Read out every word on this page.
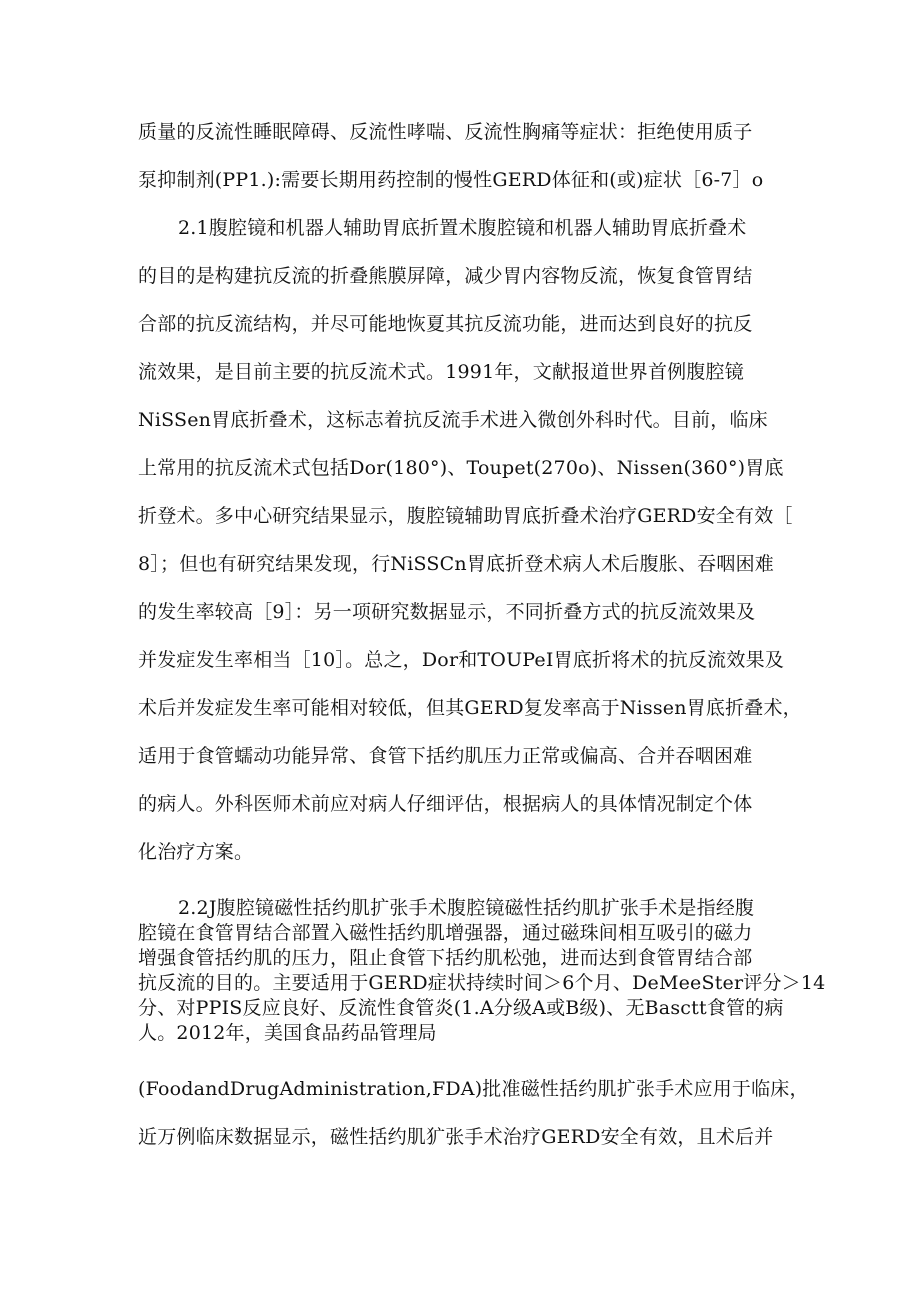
质量的反流性睡眠障碍、反流性哮喘、反流性胸痛等症状：拒绝使用质子
泵抑制剂(PP1.):需要长期用药控制的慢性GERD体征和(或)症状［6-7］o
2.1腹腔镜和机器人辅助胃底折置术腹腔镜和机器人辅助胃底折叠术
的目的是构建抗反流的折叠熊膜屏障，减少胃内容物反流，恢复食管胃结
合部的抗反流结构，并尽可能地恢夏其抗反流功能，进而达到良好的抗反
流效果，是目前主要的抗反流术式。1991年，文献报道世界首例腹腔镜
NiSSen胃底折叠术，这标志着抗反流手术进入微创外科时代。目前，临床
上常用的抗反流术式包括Dor(180°)、Toupet(270o)、Nissen(360°)胃底
折登术。多中心研究结果显示，腹腔镜辅助胃底折叠术治疗GERD安全有效［
8］；但也有研究结果发现，行NiSSCn胃底折登术病人术后腹胀、吞咽困难
的发生率较高［9］：另一项研究数据显示，不同折叠方式的抗反流效果及
并发症发生率相当［10］。总之，Dor和TOUPeI胃底折将术的抗反流效果及
术后并发症发生率可能相对较低，但其GERD复发率高于Nissen胃底折叠术，
适用于食管蠕动功能异常、食管下括约肌压力正常或偏高、合并吞咽困难
的病人。外科医师术前应对病人仔细评估，根据病人的具体情况制定个体
化治疗方案。
2.2J腹腔镜磁性括约肌扩张手术腹腔镜磁性括约肌扩张手术是指经腹
腔镜在食管胃结合部置入磁性括约肌增强器，通过磁珠间相互吸引的磁力
增强食管括约肌的压力，阻止食管下括约肌松弛，进而达到食管胃结合部
抗反流的目的。主要适用于GERD症状持续时间＞6个月、DeMeeSter评分＞14
分、对PPIS反应良好、反流性食管炎(1.A分级A或B级)、无Basctt食管的病
人。2012年，美国食品药品管理局
(FoodandDrugAdministration,FDA)批准磁性括约肌扩张手术应用于临床，
近万例临床数据显示，磁性括约肌犷张手术治疗GERD安全有效，且术后并
